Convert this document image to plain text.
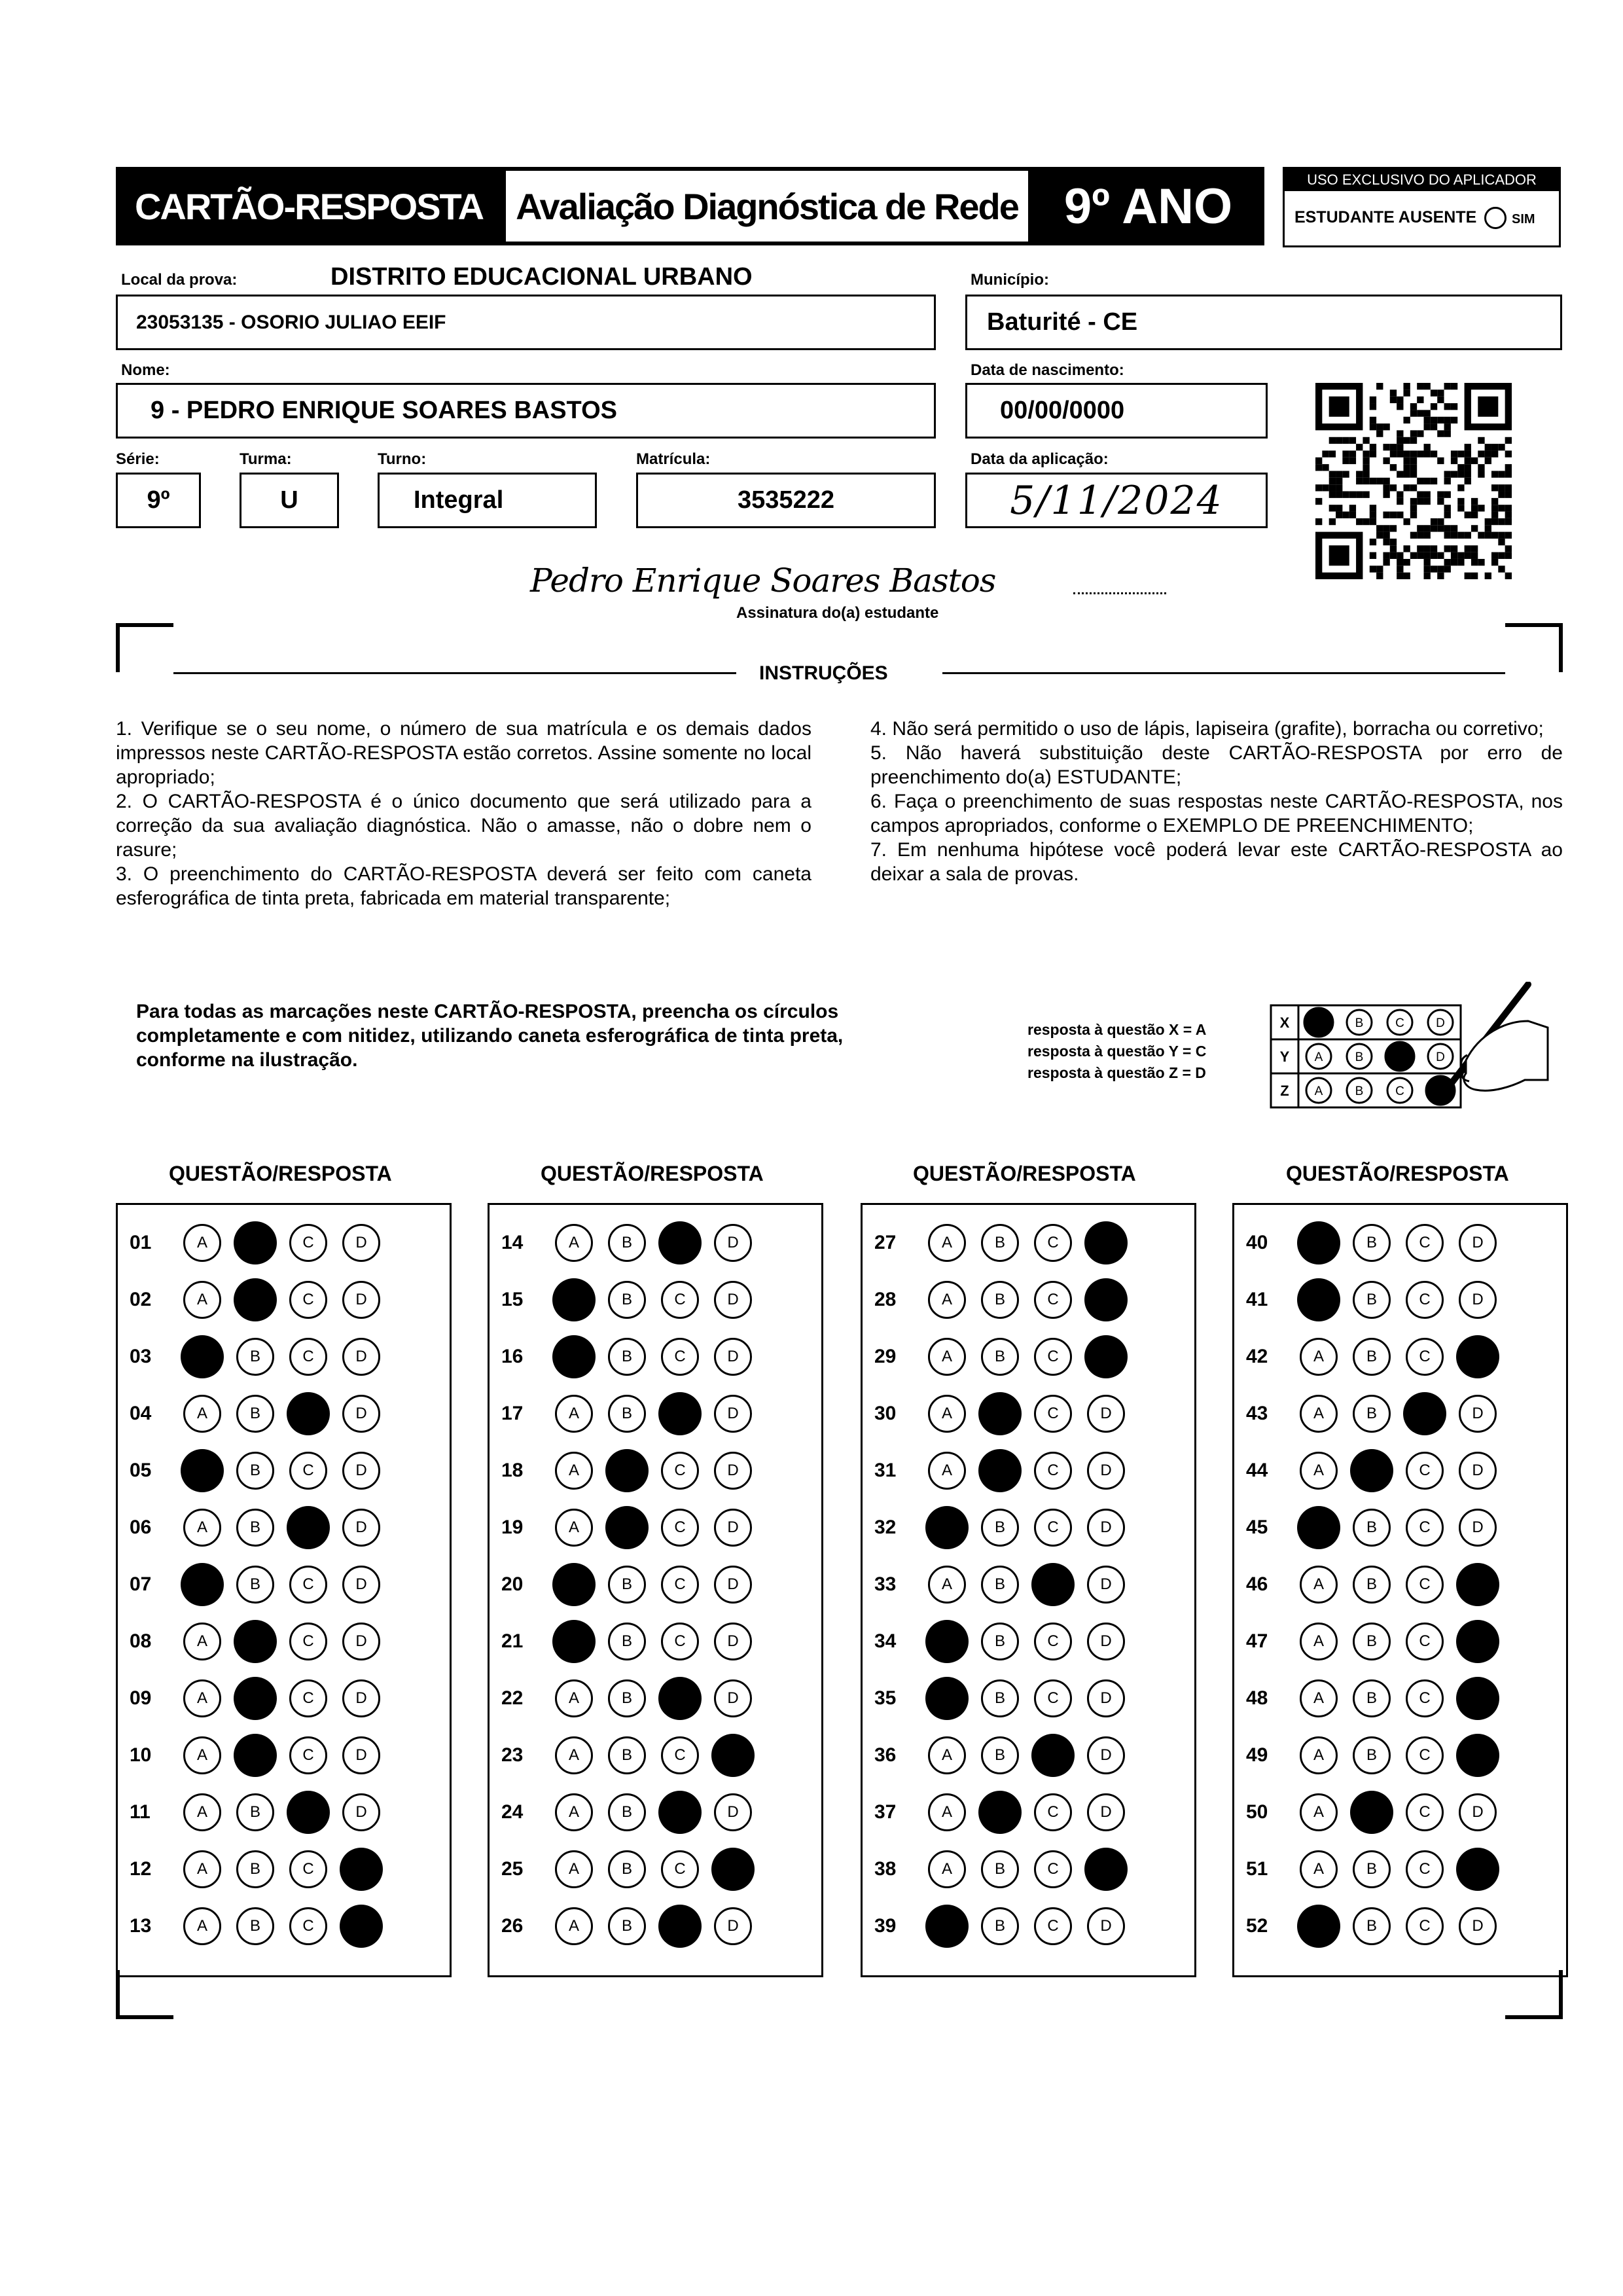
CARTÃO-RESPOSTA Avaliação Diagnóstica de Rede 9º ANO	USO EXCLUSIVO DO APLICADOR
ESTUDANTE AUSENTE	SIM
Local da prova:	DISTRITO EDUCACIONAL URBANO
23053135 - OSORIO JULIAO EEIF
Município:
Baturité - CE
Nome:
9 - PEDRO ENRIQUE SOARES BASTOS
Data de nascimento:
00/00/0000
Série:
9º
Turma:
U
Turno:
Integral
Matrícula:
3535222
Data da aplicação:
5/11/2024
Pedro Enrique Soares Bastos
Assinatura do(a) estudante
INSTRUÇÕES

1. Verifique se o seu nome, o número de sua matrícula e os demais dados impressos neste CARTÃO-RESPOSTA estão corretos. Assine somente no local apropriado;

2. O CARTÃO-RESPOSTA é o único documento que será utilizado para a correção da sua avaliação diagnóstica. Não o amasse, não o dobre nem o rasure;

3. O preenchimento do CARTÃO-RESPOSTA deverá ser feito com caneta esferográfica de tinta preta, fabricada em material transparente;

4. Não será permitido o uso de lápis, lapiseira (grafite), borracha ou corretivo;

5. Não haverá substituição deste CARTÃO-RESPOSTA por erro de preenchimento do(a) ESTUDANTE;

6. Faça o preenchimento de suas respostas neste CARTÃO-RESPOSTA, nos campos apropriados, conforme o EXEMPLO DE PREENCHIMENTO;

7. Em nenhuma hipótese você poderá levar este CARTÃO-RESPOSTA ao deixar a sala de provas.

Para todas as marcações neste CARTÃO-RESPOSTA, preencha os círculos completamente e com nitidez, utilizando caneta esferográfica de tinta preta, conforme na ilustração.
resposta à questão X = A
resposta à questão Y = C
resposta à questão Z = D
X	B	C	D
Y A	B	D
Z A	B	C
QUESTÃO/RESPOSTA	QUESTÃO/RESPOSTA	QUESTÃO/RESPOSTA	QUESTÃO/RESPOSTA
01	A	C	D
02	A	C	D
03	B	C	D
04	A	B	D
05	B	C	D
06	A	B	D
07	B	C	D
08	A	C	D
09	A	C	D
10	A	C	D
11	A	B	D
12	A	B	C
13	A	B	C
14	A	B	D
15	B	C	D
16	B	C	D
17	A	B	D
18	A	C	D
19	A	C	D
20	B	C	D
21	B	C	D
22	A	B	D
23	A	B	C
24	A	B	D
25	A	B	C
26	A	B	D
27	A	B	C
28	A	B	C
29	A	B	C
30	A	C	D
31	A	C	D
32	B	C	D
33	A	B	D
34	B	C	D
35	B	C	D
36	A	B	D
37	A	C	D
38	A	B	C
39	B	C	D
40	B	C	D
41	B	C	D
42	A	B	C
43	A	B	D
44	A	C	D
45	B	C	D
46	A	B	C
47	A	B	C
48	A	B	C
49	A	B	C
50	A	C	D
51	A	B	C
52	B	C	D
